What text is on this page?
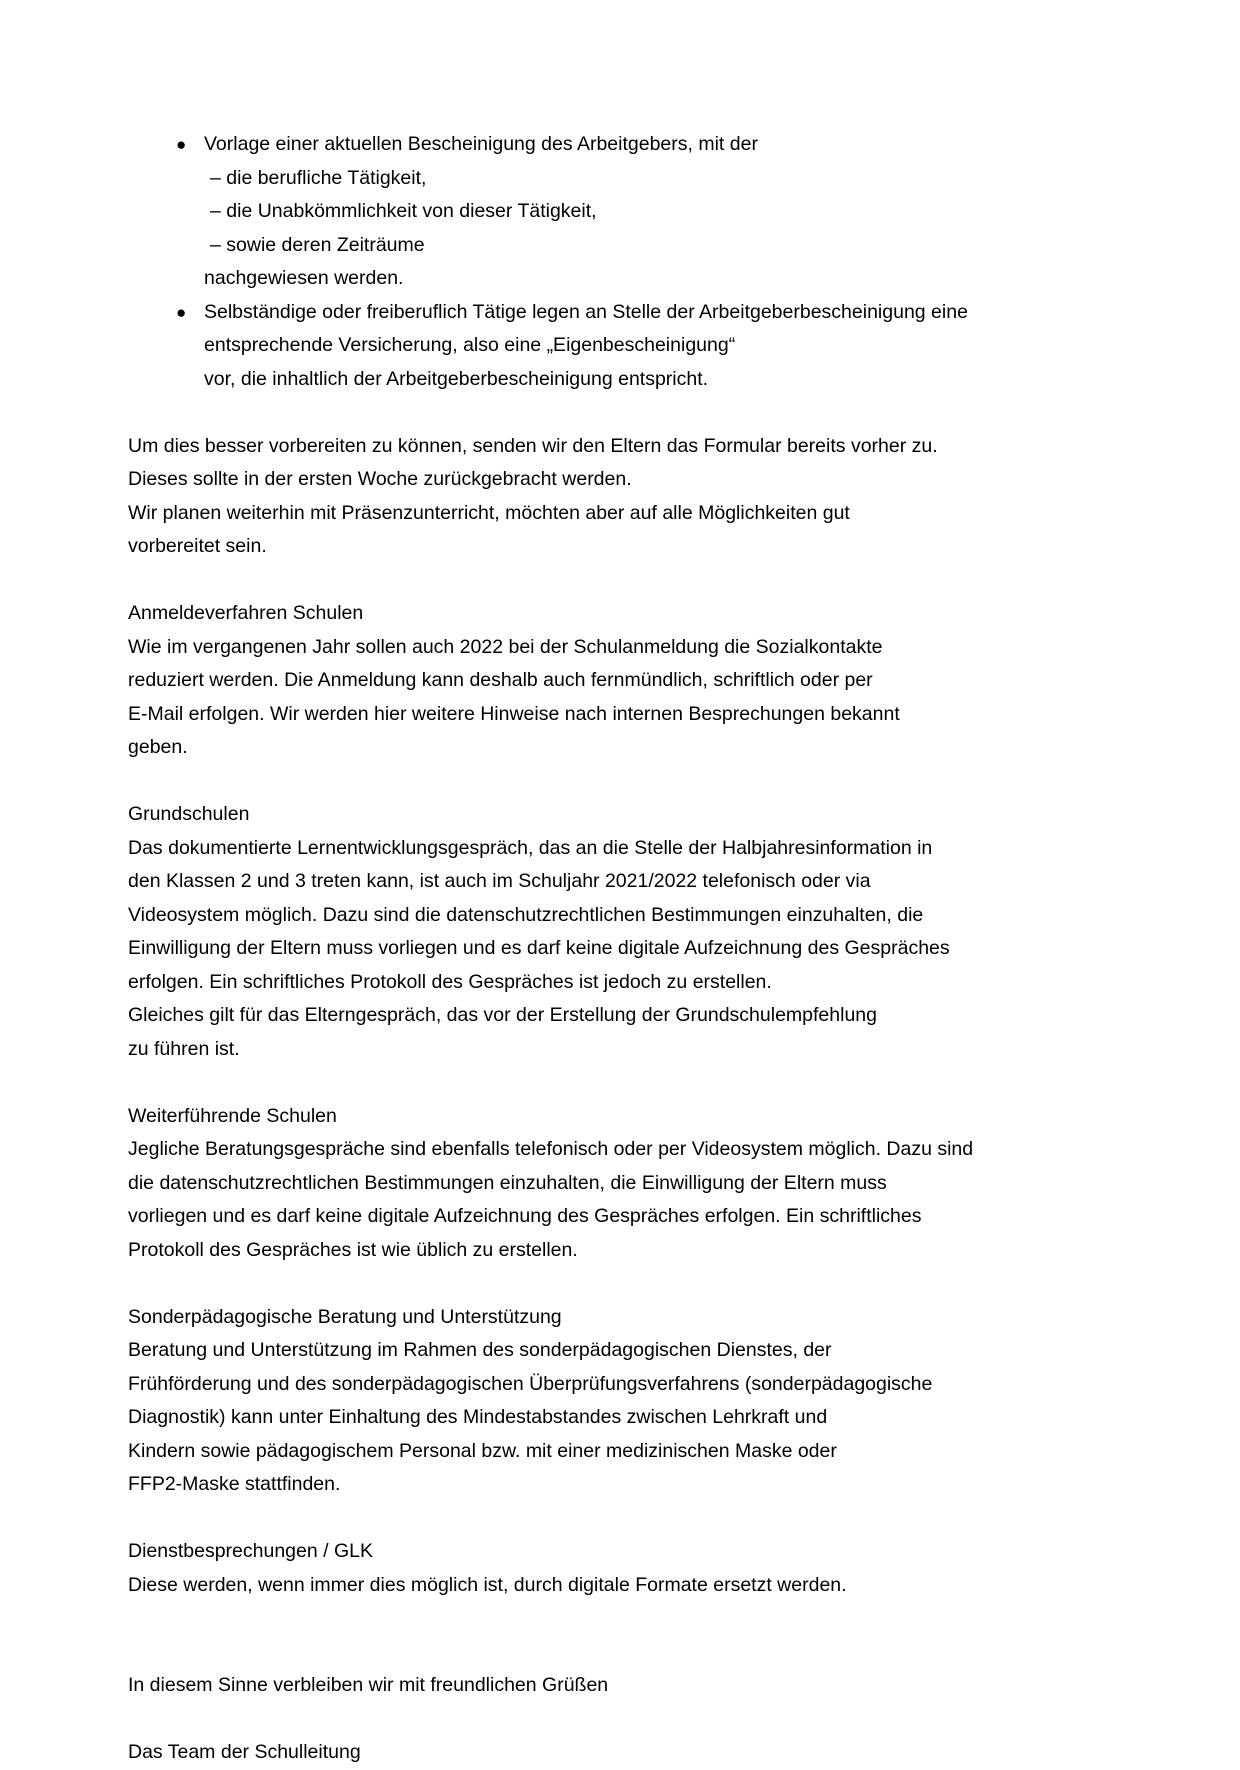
● Vorlage einer aktuellen Bescheinigung des Arbeitgebers, mit der
– die berufliche Tätigkeit,
– die Unabkömmlichkeit von dieser Tätigkeit,
– sowie deren Zeiträume
nachgewiesen werden.
● Selbständige oder freiberuflich Tätige legen an Stelle der Arbeitgeberbescheinigung eine
entsprechende Versicherung, also eine „Eigenbescheinigung“
vor, die inhaltlich der Arbeitgeberbescheinigung entspricht.

Um dies besser vorbereiten zu können, senden wir den Eltern das Formular bereits vorher zu.
Dieses sollte in der ersten Woche zurückgebracht werden.
Wir planen weiterhin mit Präsenzunterricht, möchten aber auf alle Möglichkeiten gut
vorbereitet sein.

Anmeldeverfahren Schulen

Wie im vergangenen Jahr sollen auch 2022 bei der Schulanmeldung die Sozialkontakte
reduziert werden. Die Anmeldung kann deshalb auch fernmündlich, schriftlich oder per
E-Mail erfolgen. Wir werden hier weitere Hinweise nach internen Besprechungen bekannt
geben.

Grundschulen

Das dokumentierte Lernentwicklungsgespräch, das an die Stelle der Halbjahresinformation in
den Klassen 2 und 3 treten kann, ist auch im Schuljahr 2021/2022 telefonisch oder via
Videosystem möglich. Dazu sind die datenschutzrechtlichen Bestimmungen einzuhalten, die
Einwilligung der Eltern muss vorliegen und es darf keine digitale Aufzeichnung des Gespräches
erfolgen. Ein schriftliches Protokoll des Gespräches ist jedoch zu erstellen.
Gleiches gilt für das Elterngespräch, das vor der Erstellung der Grundschulempfehlung
zu führen ist.

Weiterführende Schulen

Jegliche Beratungsgespräche sind ebenfalls telefonisch oder per Videosystem möglich. Dazu sind
die datenschutzrechtlichen Bestimmungen einzuhalten, die Einwilligung der Eltern muss
vorliegen und es darf keine digitale Aufzeichnung des Gespräches erfolgen. Ein schriftliches
Protokoll des Gespräches ist wie üblich zu erstellen.

Sonderpädagogische Beratung und Unterstützung

Beratung und Unterstützung im Rahmen des sonderpädagogischen Dienstes, der
Frühförderung und des sonderpädagogischen Überprüfungsverfahrens (sonderpädagogische
Diagnostik) kann unter Einhaltung des Mindestabstandes zwischen Lehrkraft und
Kindern sowie pädagogischem Personal bzw. mit einer medizinischen Maske oder
FFP2-Maske stattfinden.

Dienstbesprechungen / GLK

Diese werden, wenn immer dies möglich ist, durch digitale Formate ersetzt werden.

In diesem Sinne verbleiben wir mit freundlichen Grüßen

Das Team der Schulleitung
